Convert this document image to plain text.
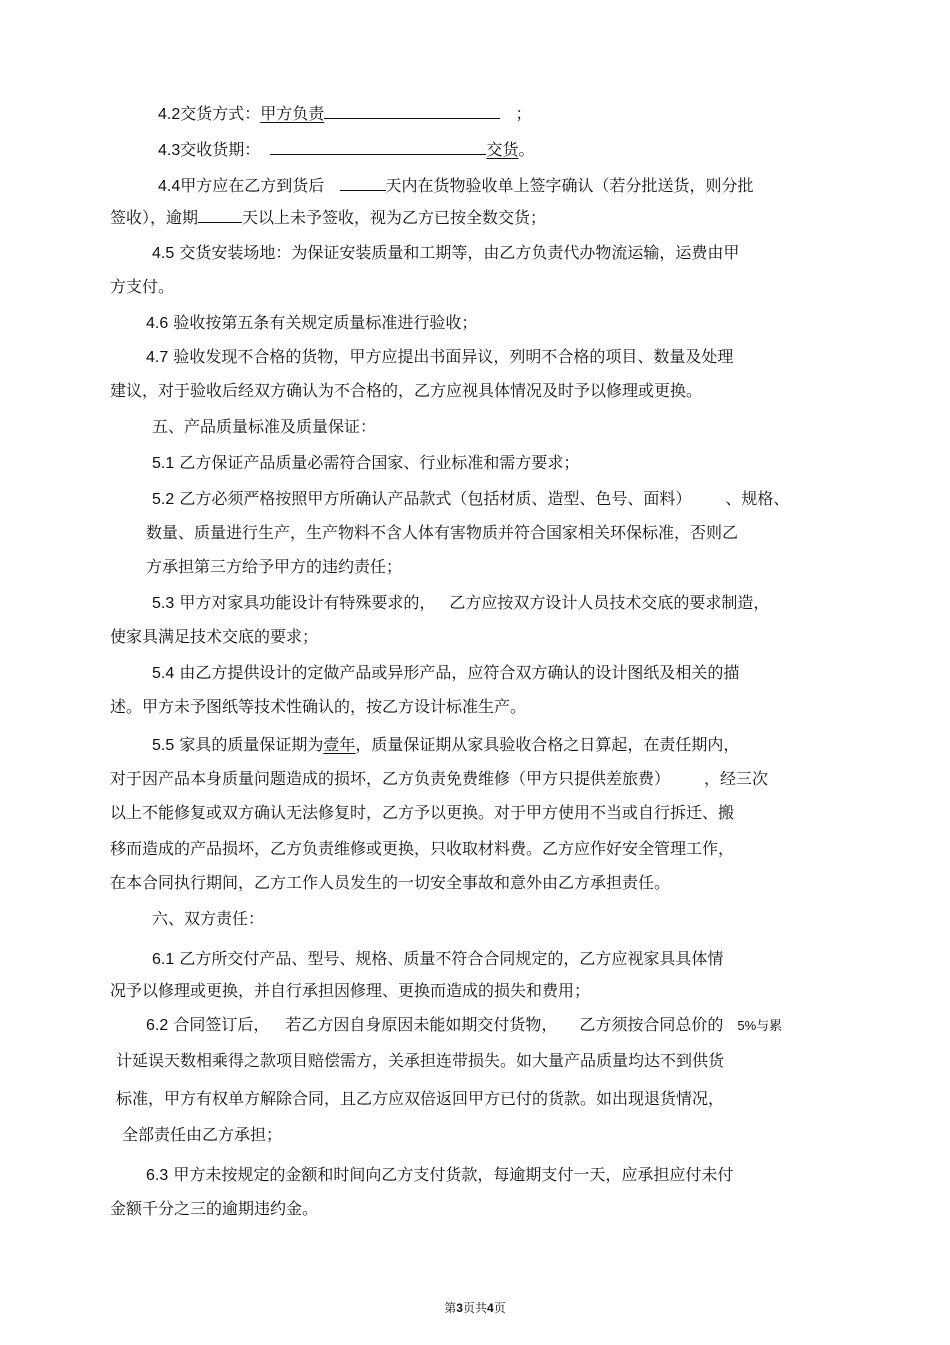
4.2交货方式：甲方负责	；
4.3交收货期：	交货。
4.4甲方应在乙方到货后	天内在货物验收单上签字确认（若分批送货，则分批
签收），逾期	天以上未予签收，视为乙方已按全数交货；
4.5 交货安装场地：为保证安装质量和工期等，由乙方负责代办物流运输，运费由甲
方支付。
4.6 验收按第五条有关规定质量标准进行验收；
4.7 验收发现不合格的货物，甲方应提出书面异议，列明不合格的项目、数量及处理
建议，对于验收后经双方确认为不合格的，乙方应视具体情况及时予以修理或更换。
五、产品质量标准及质量保证：
5.1 乙方保证产品质量必需符合国家、行业标准和需方要求；
5.2 乙方必须严格按照甲方所确认产品款式（包括材质、造型、色号、面料） 、规格、
数量、质量进行生产，生产物料不含人体有害物质并符合国家相关环保标准，否则乙
方承担第三方给予甲方的违约责任；
5.3 甲方对家具功能设计有特殊要求的， 乙方应按双方设计人员技术交底的要求制造，
使家具满足技术交底的要求；
5.4 由乙方提供设计的定做产品或异形产品，应符合双方确认的设计图纸及相关的描
述。甲方未予图纸等技术性确认的，按乙方设计标准生产。
5.5 家具的质量保证期为壹年，质量保证期从家具验收合格之日算起，在责任期内，
对于因产品本身质量问题造成的损坏，乙方负责免费维修（甲方只提供差旅费） ，经三次
以上不能修复或双方确认无法修复时，乙方予以更换。对于甲方使用不当或自行拆迁、搬
移而造成的产品损坏，乙方负责维修或更换，只收取材料费。乙方应作好安全管理工作，
在本合同执行期间，乙方工作人员发生的一切安全事故和意外由乙方承担责任。
六、双方责任：
6.1 乙方所交付产品、型号、规格、质量不符合合同规定的，乙方应视家具具体情
况予以修理或更换，并自行承担因修理、更换而造成的损失和费用；
6.2 合同签订后， 若乙方因自身原因未能如期交付货物， 乙方须按合同总价的 5%与累
计延误天数相乘得之款项目赔偿需方，关承担连带损失。如大量产品质量均达不到供货
标准，甲方有权单方解除合同，且乙方应双倍返回甲方已付的货款。如出现退货情况，
全部责任由乙方承担；
6.3 甲方未按规定的金额和时间向乙方支付货款，每逾期支付一天，应承担应付未付
金额千分之三的逾期违约金。
第3页共4页
